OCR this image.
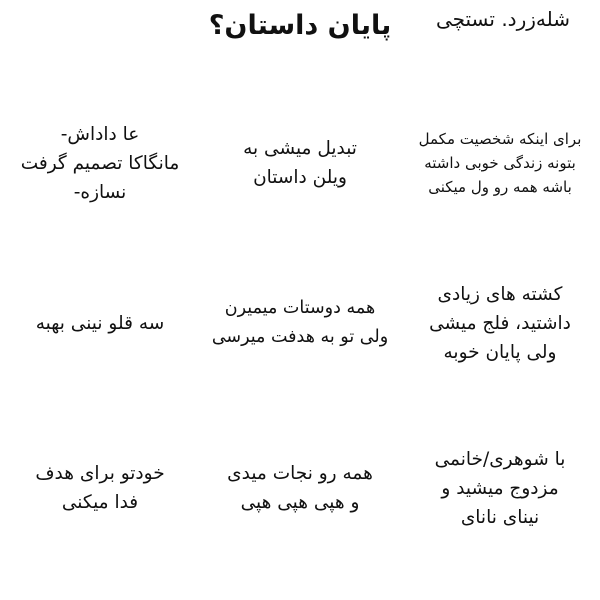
پایان داستان؟	شله‌زرد. تستچی
عا داداش-
مانگاکا تصمیم گرفت
نسازه-
تبدیل میشی به
ویلن داستان
برای اینکه شخصیت مکمل
بتونه زندگی خوبی داشته
باشه همه رو ول میکنی
سه قلو نینی بهبه
همه دوستات میمیرن
ولی تو به هدفت میرسی
کشته های زیادی
داشتید، فلج میشی
ولی پایان خوبه
خودتو برای هدف
فدا میکنی
همه رو نجات میدی
و هپی هپی هپی
با شوهری/خانمی
مزدوج میشید و
نینای نانای
